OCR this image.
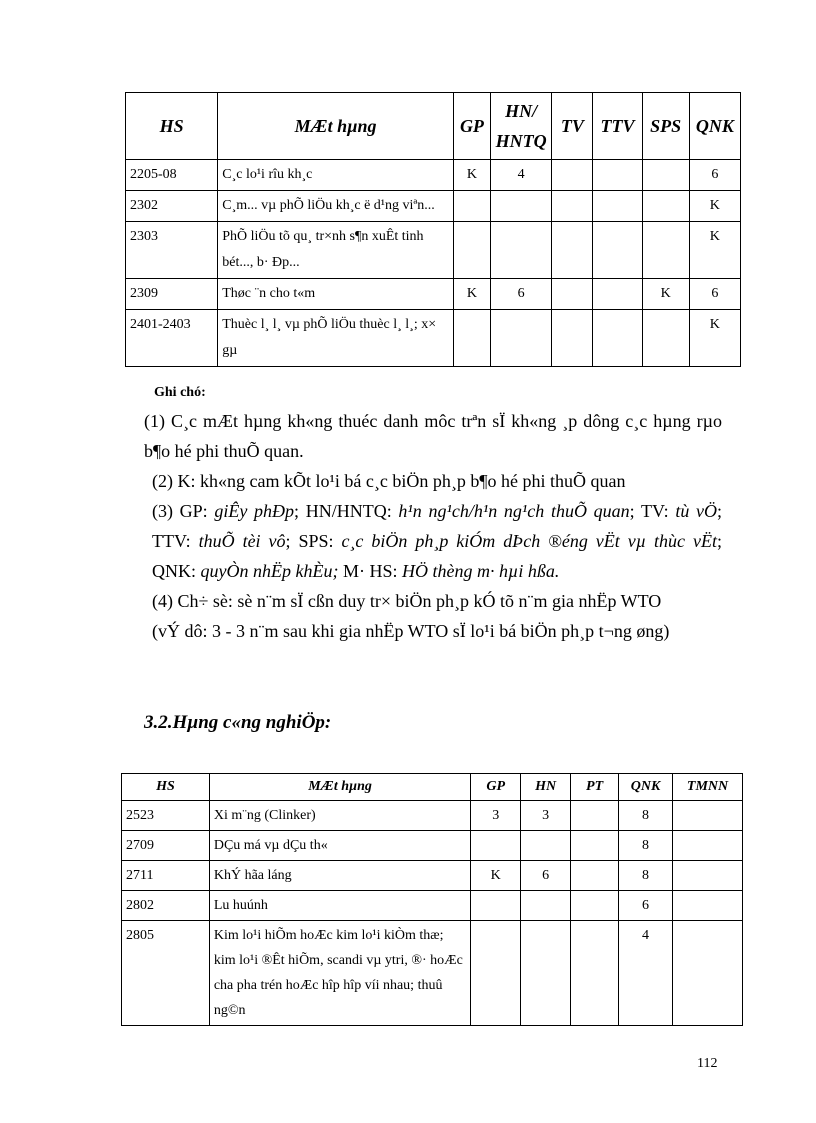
HS	MÆt hµng	GP	HN/ HNTQ	TV	TTV	SPS	QNK
2205-08	C¸c lo¹i rîu kh¸c	K	4				6
2302	C¸m... vµ phÕ liÖu kh¸c ë d¹ng viªn...						K
2303	PhÕ liÖu tõ qu¸ tr×nh s¶n xuÊt tinh bét..., b· Ðp...						K
2309	Thøc ¨n cho t«m	K	6			K	6
2401-2403	Thuèc l¸ l¸ vµ phÕ liÖu thuèc l¸ l¸; x× gµ						K
Ghi chó:

(1) C¸c mÆt hµng kh«ng thuéc danh môc trªn sÏ kh«ng ¸p dông c¸c hµng rµo b¶o hé phi thuÕ quan.

(2) K: kh«ng cam kÕt lo¹i bá c¸c biÖn ph¸p b¶o hé phi thuÕ quan

(3) GP: giÊy phÐp; HN/HNTQ: h¹n ng¹ch/h¹n ng¹ch thuÕ quan; TV: tù vÖ; TTV: thuÕ tèi vô; SPS: c¸c biÖn ph¸p kiÓm dÞch ®éng vËt vµ thùc vËt; QNK: quyÒn nhËp khÈu; M· HS: HÖ thèng m· hµi hßa.

(4) Ch÷ sè: sè n¨m sÏ cßn duy tr× biÖn ph¸p kÓ tõ n¨m gia nhËp WTO

(vÝ dô: 3 - 3 n¨m sau khi gia nhËp WTO sÏ lo¹i bá biÖn ph¸p t¬ng øng)

3.2.Hµng c«ng nghiÖp:
HS	MÆt hµng	GP	HN	PT	QNK	TMNN
2523	Xi m¨ng (Clinker)	3	3		8	
2709	DÇu má vµ dÇu th«				8	
2711	KhÝ hãa láng	K	6		8	
2802	Lu huúnh				6	
2805	Kim lo¹i hiÕm hoÆc kim lo¹i kiÒm thæ; kim lo¹i ®Êt hiÕm, scandi vµ ytri, ®· hoÆc cha pha trén hoÆc hîp hîp víi nhau; thuû ng©n				4	
112
